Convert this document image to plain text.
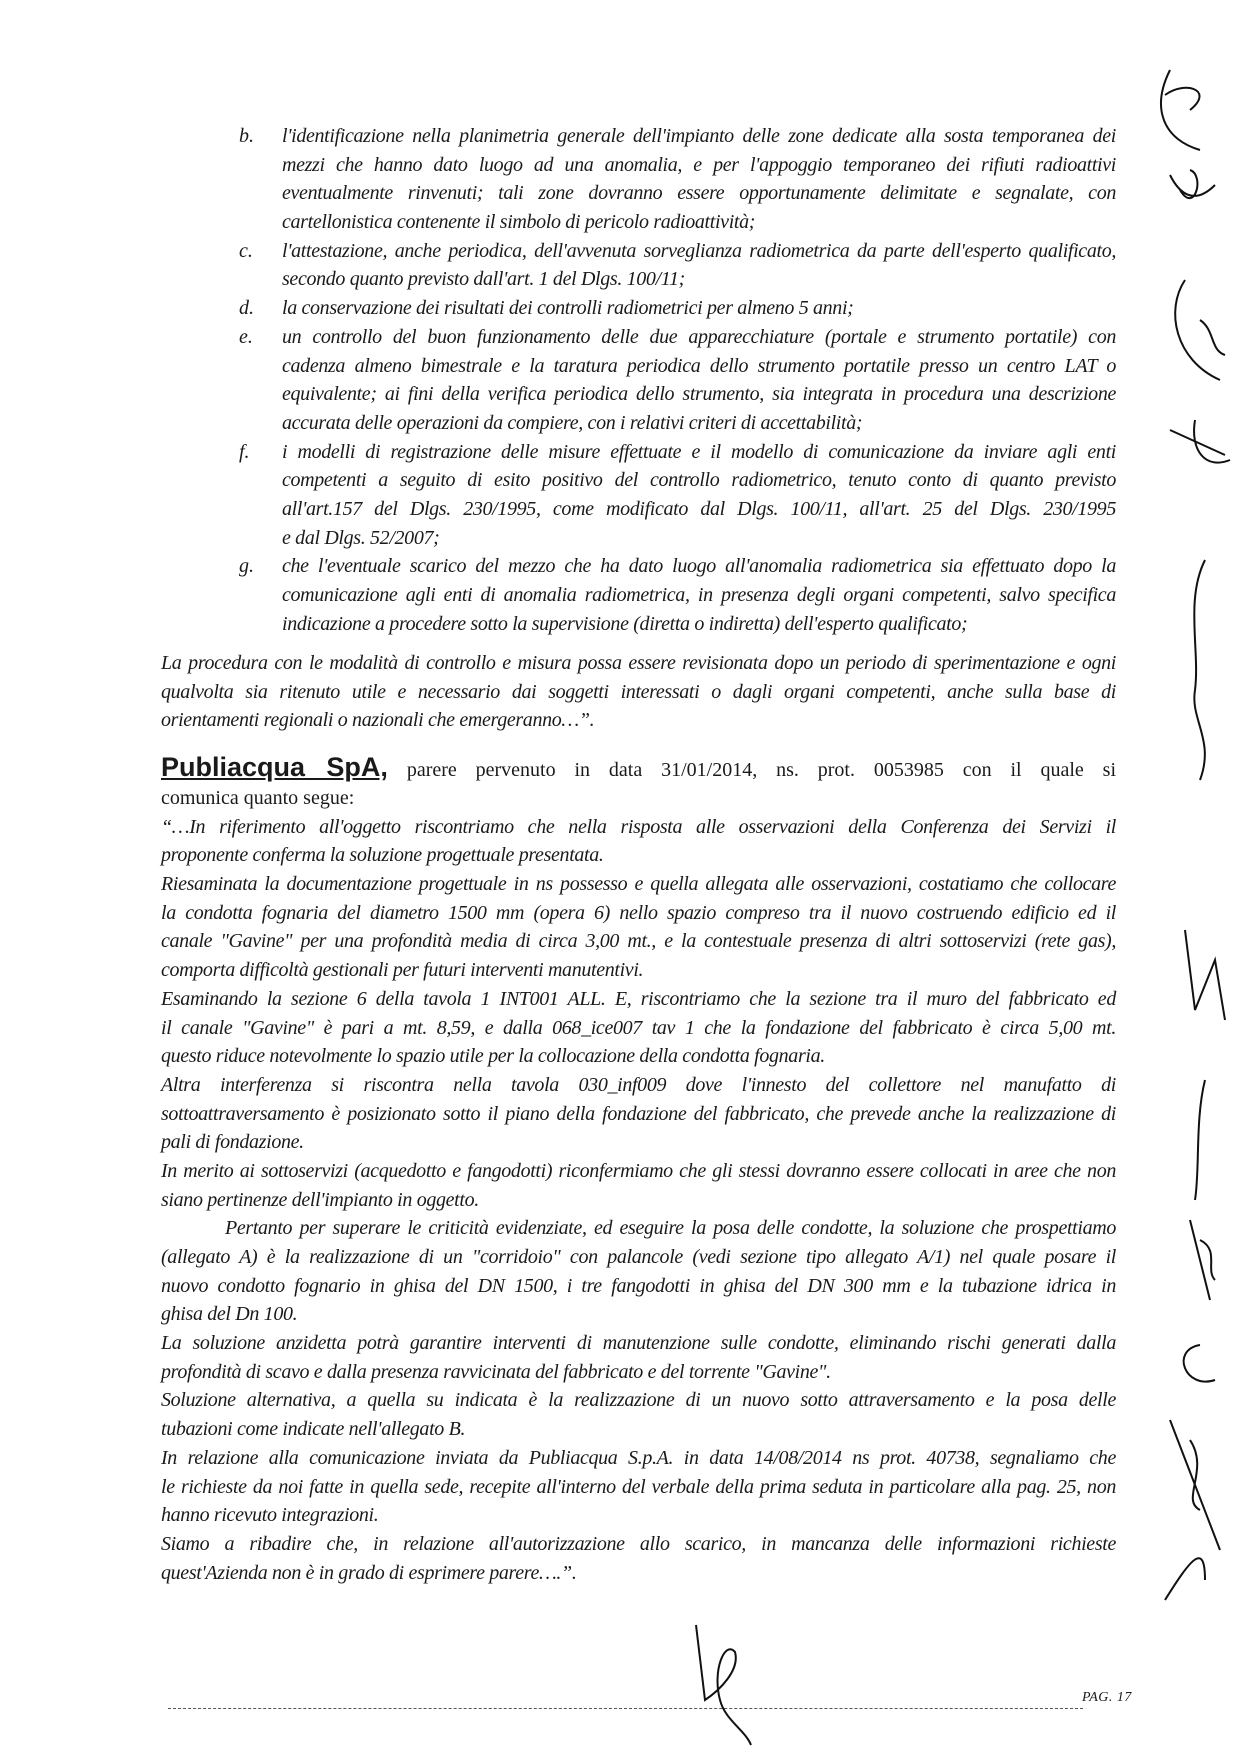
b. l'identificazione nella planimetria generale dell'impianto delle zone dedicate alla sosta temporanea dei
mezzi che hanno dato luogo ad una anomalia, e per l'appoggio temporaneo dei rifiuti radioattivi
eventualmente rinvenuti; tali zone dovranno essere opportunamente delimitate e segnalate, con
cartellonistica contenente il simbolo di pericolo radioattività;
c. l'attestazione, anche periodica, dell'avvenuta sorveglianza radiometrica da parte dell'esperto qualificato,
secondo quanto previsto dall'art. 1 del Dlgs. 100/11;
d. la conservazione dei risultati dei controlli radiometrici per almeno 5 anni;
e. un controllo del buon funzionamento delle due apparecchiature (portale e strumento portatile) con
cadenza almeno bimestrale e la taratura periodica dello strumento portatile presso un centro LAT o
equivalente; ai fini della verifica periodica dello strumento, sia integrata in procedura una descrizione
accurata delle operazioni da compiere, con i relativi criteri di accettabilità;
f. i modelli di registrazione delle misure effettuate e il modello di comunicazione da inviare agli enti
competenti a seguito di esito positivo del controllo radiometrico, tenuto conto di quanto previsto
all'art.157 del Dlgs. 230/1995, come modificato dal Dlgs. 100/11, all'art. 25 del Dlgs. 230/1995
e dal Dlgs. 52/2007;
g. che l'eventuale scarico del mezzo che ha dato luogo all'anomalia radiometrica sia effettuato dopo la
comunicazione agli enti di anomalia radiometrica, in presenza degli organi competenti, salvo specifica
indicazione a procedere sotto la supervisione (diretta o indiretta) dell'esperto qualificato;
La procedura con le modalità di controllo e misura possa essere revisionata dopo un periodo di sperimentazione e ogni
qualvolta sia ritenuto utile e necessario dai soggetti interessati o dagli organi competenti, anche sulla base di
orientamenti regionali o nazionali che emergeranno…”.
Publiacqua SpA, parere pervenuto in data 31/01/2014, ns. prot. 0053985 con il quale si
comunica quanto segue:
“…In riferimento all'oggetto riscontriamo che nella risposta alle osservazioni della Conferenza dei Servizi il
proponente conferma la soluzione progettuale presentata.
Riesaminata la documentazione progettuale in ns possesso e quella allegata alle osservazioni, costatiamo che collocare
la condotta fognaria del diametro 1500 mm (opera 6) nello spazio compreso tra il nuovo costruendo edificio ed il
canale "Gavine" per una profondità media di circa 3,00 mt., e la contestuale presenza di altri sottoservizi (rete gas),
comporta difficoltà gestionali per futuri interventi manutentivi.
Esaminando la sezione 6 della tavola 1 INT001 ALL. E, riscontriamo che la sezione tra il muro del fabbricato ed
il canale "Gavine" è pari a mt. 8,59, e dalla 068_ice007 tav 1 che la fondazione del fabbricato è circa 5,00 mt.
questo riduce notevolmente lo spazio utile per la collocazione della condotta fognaria.
Altra interferenza si riscontra nella tavola 030_inf009 dove l'innesto del collettore nel manufatto di
sottoattraversamento è posizionato sotto il piano della fondazione del fabbricato, che prevede anche la realizzazione di
pali di fondazione.
In merito ai sottoservizi (acquedotto e fangodotti) riconfermiamo che gli stessi dovranno essere collocati in aree che non
siano pertinenze dell'impianto in oggetto.
Pertanto per superare le criticità evidenziate, ed eseguire la posa delle condotte, la soluzione che prospettiamo
(allegato A) è la realizzazione di un "corridoio" con palancole (vedi sezione tipo allegato A/1) nel quale posare il
nuovo condotto fognario in ghisa del DN 1500, i tre fangodotti in ghisa del DN 300 mm e la tubazione idrica in
ghisa del Dn 100.
La soluzione anzidetta potrà garantire interventi di manutenzione sulle condotte, eliminando rischi generati dalla
profondità di scavo e dalla presenza ravvicinata del fabbricato e del torrente "Gavine".
Soluzione alternativa, a quella su indicata è la realizzazione di un nuovo sotto attraversamento e la posa delle
tubazioni come indicate nell'allegato B.
In relazione alla comunicazione inviata da Publiacqua S.p.A. in data 14/08/2014 ns prot. 40738, segnaliamo che
le richieste da noi fatte in quella sede, recepite all'interno del verbale della prima seduta in particolare alla pag. 25, non
hanno ricevuto integrazioni.
Siamo a ribadire che, in relazione all'autorizzazione allo scarico, in mancanza delle informazioni richieste
quest'Azienda non è in grado di esprimere parere….”.
PAG. 17
